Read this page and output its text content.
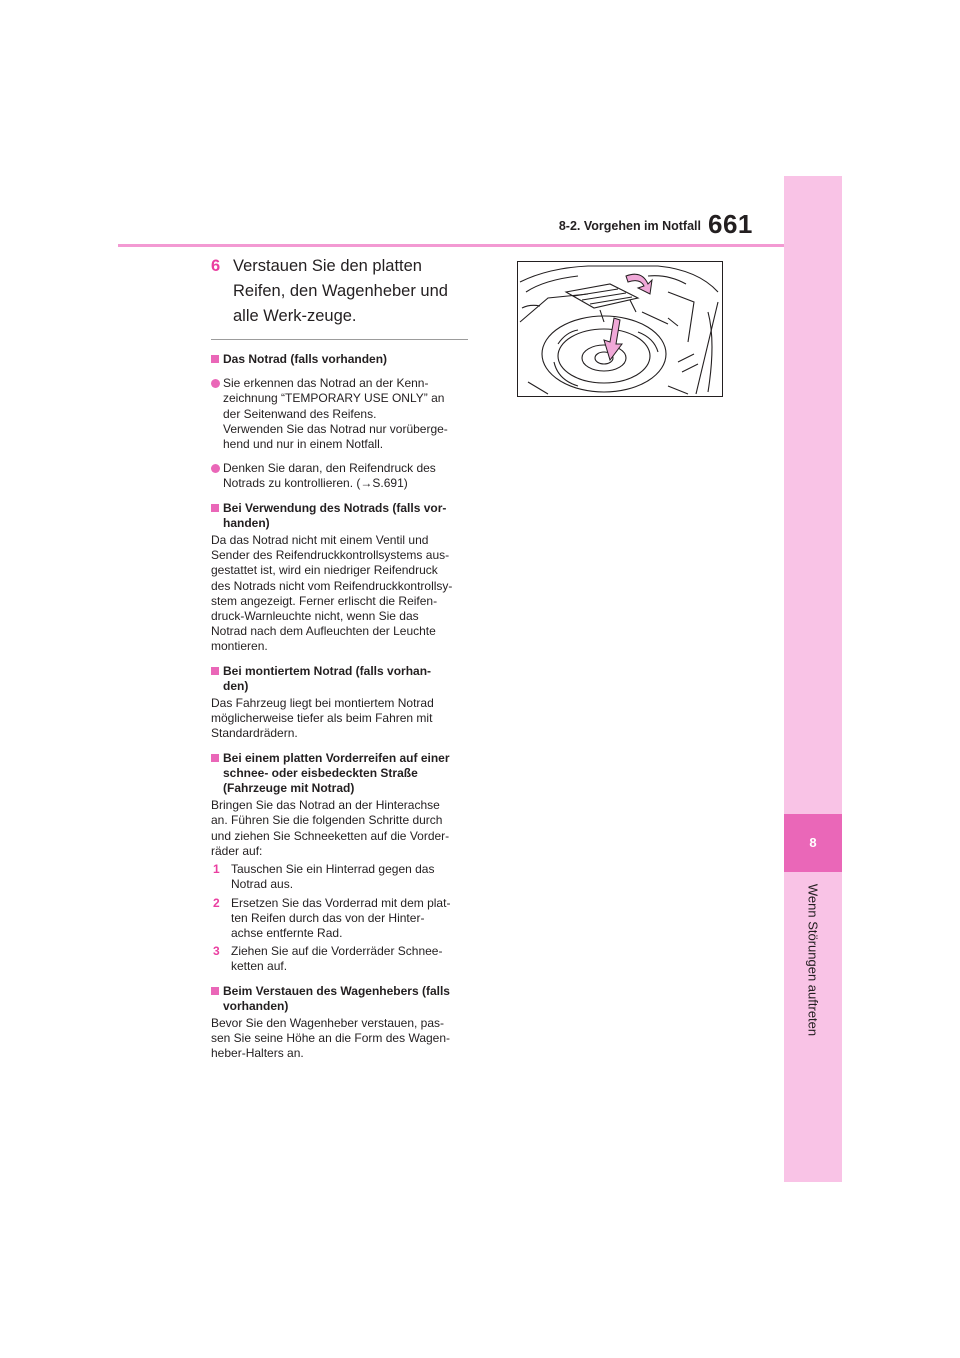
8
Wenn Störungen auftreten
8-2. Vorgehen im Notfall 661
6 Verstauen Sie den platten Reifen, den Wagenheber und alle Werk-zeuge.
Das Notrad (falls vorhanden)
Sie erkennen das Notrad an der Kenn-
zeichnung “TEMPORARY USE ONLY” an
der Seitenwand des Reifens.
Verwenden Sie das Notrad nur vorüberge-
hend und nur in einem Notfall.
Denken Sie daran, den Reifendruck des
Notrads zu kontrollieren. (→S.691)
Bei Verwendung des Notrads (falls vor-
handen)
Da das Notrad nicht mit einem Ventil und
Sender des Reifendruckkontrollsystems aus-
gestattet ist, wird ein niedriger Reifendruck
des Notrads nicht vom Reifendruckkontrollsy-
stem angezeigt. Ferner erlischt die Reifen-
druck-Warnleuchte nicht, wenn Sie das
Notrad nach dem Aufleuchten der Leuchte
montieren.
Bei montiertem Notrad (falls vorhan-
den)
Das Fahrzeug liegt bei montiertem Notrad
möglicherweise tiefer als beim Fahren mit
Standardrädern.
Bei einem platten Vorderreifen auf einer
schnee- oder eisbedeckten Straße
(Fahrzeuge mit Notrad)
Bringen Sie das Notrad an der Hinterachse
an. Führen Sie die folgenden Schritte durch
und ziehen Sie Schneeketten auf die Vorder-
räder auf:
1 Tauschen Sie ein Hinterrad gegen das
Notrad aus.
2 Ersetzen Sie das Vorderrad mit dem plat-
ten Reifen durch das von der Hinter-
achse entfernte Rad.
3 Ziehen Sie auf die Vorderräder Schnee-
ketten auf.
Beim Verstauen des Wagenhebers (falls
vorhanden)
Bevor Sie den Wagenheber verstauen, pas-
sen Sie seine Höhe an die Form des Wagen-
heber-Halters an.
